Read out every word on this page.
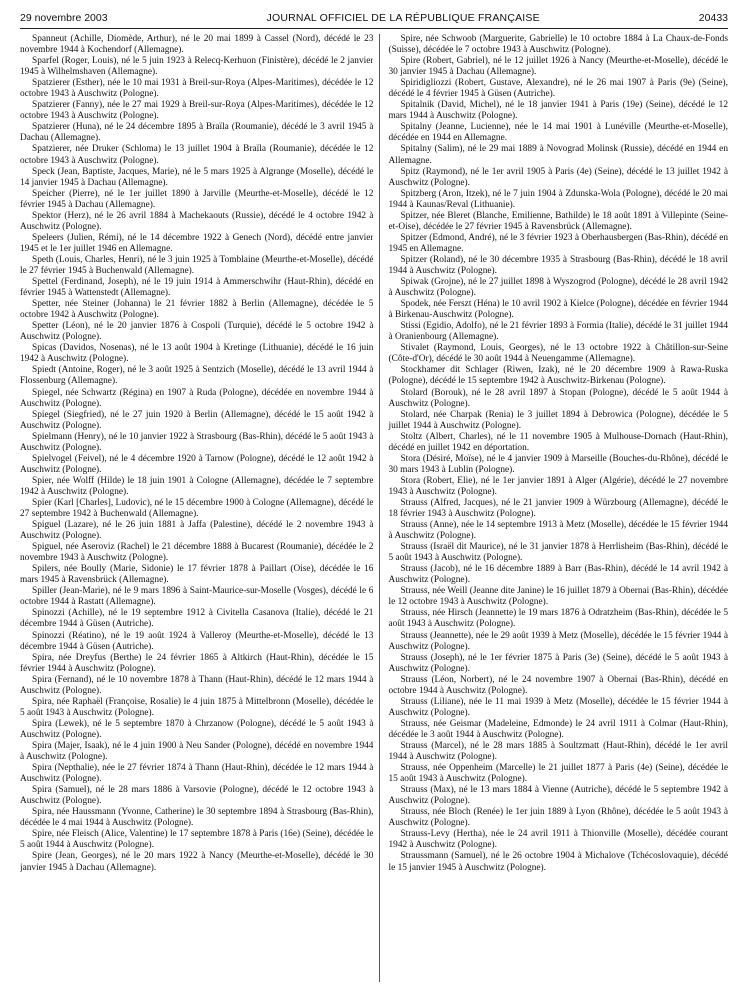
29 novembre 2003	JOURNAL OFFICIEL DE LA RÉPUBLIQUE FRANÇAISE	20433

Spanneut (Achille, Diomède, Arthur), né le 20 mai 1899 à Cassel (Nord), décédé le 23 novembre 1944 à Kochendorf (Allemagne).

Sparfel (Roger, Louis), né le 5 juin 1923 à Relecq-Kerhuon (Finistère), décédé le 2 janvier 1945 à Wilhelmshaven (Allemagne).

Spatzierer (Esther), née le 10 mai 1931 à Breil-sur-Roya (Alpes-Maritimes), décédée le 12 octobre 1943 à Auschwitz (Pologne).

Spatzierer (Fanny), née le 27 mai 1929 à Breil-sur-Roya (Alpes-Maritimes), décédée le 12 octobre 1943 à Auschwitz (Pologne).

Spatzierer (Huna), né le 24 décembre 1895 à Braïla (Roumanie), décédé le 3 avril 1945 à Dachau (Allemagne).

Spatzierer, née Druker (Schloma) le 13 juillet 1904 à Braïla (Roumanie), décédée le 12 octobre 1943 à Auschwitz (Pologne).

Speck (Jean, Baptiste, Jacques, Marie), né le 5 mars 1925 à Algrange (Moselle), décédé le 14 janvier 1945 à Dachau (Allemagne).

Speicher (Pierre), né le 1er juillet 1890 à Jarville (Meurthe-et-Moselle), décédé le 12 février 1945 à Dachau (Allemagne).

Spektor (Herz), né le 26 avril 1884 à Machekaouts (Russie), décédé le 4 octobre 1942 à Auschwitz (Pologne).

Speleers (Julien, Rémi), né le 14 décembre 1922 à Genech (Nord), décédé entre janvier 1945 et le 1er juillet 1946 en Allemagne.

Speth (Louis, Charles, Henri), né le 3 juin 1925 à Tomblaine (Meurthe-et-Moselle), décédé le 27 février 1945 à Buchenwald (Allemagne).

Spettel (Ferdinand, Joseph), né le 19 juin 1914 à Ammerschwihr (Haut-Rhin), décédé en février 1945 à Wattenstedt (Allemagne).

Spetter, née Steiner (Johanna) le 21 février 1882 à Berlin (Allemagne), décédée le 5 octobre 1942 à Auschwitz (Pologne).

Spetter (Léon), né le 20 janvier 1876 à Cospoli (Turquie), décédé le 5 octobre 1942 à Auschwitz (Pologne).

Spicas (Davidos, Nosenas), né le 13 août 1904 à Kretinge (Lithuanie), décédé le 16 juin 1942 à Auschwitz (Pologne).

Spiedt (Antoine, Roger), né le 3 août 1925 à Sentzich (Moselle), décédé le 13 avril 1944 à Flossenburg (Allemagne).

Spiegel, née Schwartz (Régina) en 1907 à Ruda (Pologne), décédée en novembre 1944 à Auschwitz (Pologne).

Spiegel (Siegfried), né le 27 juin 1920 à Berlin (Allemagne), décédé le 15 août 1942 à Auschwitz (Pologne).

Spielmann (Henry), né le 10 janvier 1922 à Strasbourg (Bas-Rhin), décédé le 5 août 1943 à Auschwitz (Pologne).

Spielvogel (Feivel), né le 4 décembre 1920 à Tarnow (Pologne), décédé le 12 août 1942 à Auschwitz (Pologne).

Spier, née Wolff (Hilde) le 18 juin 1901 à Cologne (Allemagne), décédée le 7 septembre 1942 à Auschwitz (Pologne).

Spier (Karl [Charles], Ludovic), né le 15 décembre 1900 à Cologne (Allemagne), décédé le 27 septembre 1942 à Buchenwald (Allemagne).

Spiguel (Lazare), né le 26 juin 1881 à Jaffa (Palestine), décédé le 2 novembre 1943 à Auschwitz (Pologne).

Spiguel, née Aseroviz (Rachel) le 21 décembre 1888 à Bucarest (Roumanie), décédée le 2 novembre 1943 à Auschwitz (Pologne).

Spilers, née Boully (Marie, Sidonie) le 17 février 1878 à Paillart (Oise), décédée le 16 mars 1945 à Ravensbrück (Allemagne).

Spiller (Jean-Marie), né le 9 mars 1896 à Saint-Maurice-sur-Moselle (Vosges), décédé le 6 octobre 1944 à Rastatt (Allemagne).

Spinozzi (Achille), né le 19 septembre 1912 à Civitella Casanova (Italie), décédé le 21 décembre 1944 à Güsen (Autriche).

Spinozzi (Réatino), né le 19 août 1924 à Valleroy (Meurthe-et-Moselle), décédé le 13 décembre 1944 à Güsen (Autriche).

Spira, née Dreyfus (Berthe) le 24 février 1865 à Altkirch (Haut-Rhin), décédée le 15 février 1944 à Auschwitz (Pologne).

Spira (Fernand), né le 10 novembre 1878 à Thann (Haut-Rhin), décédé le 12 mars 1944 à Auschwitz (Pologne).

Spira, née Raphaël (Françoise, Rosalie) le 4 juin 1875 à Mittelbronn (Moselle), décédée le 5 août 1943 à Auschwitz (Pologne).

Spira (Lewek), né le 5 septembre 1870 à Chrzanow (Pologne), décédé le 5 août 1943 à Auschwitz (Pologne).

Spira (Majer, Isaak), né le 4 juin 1900 à Neu Sander (Pologne), décédé en novembre 1944 à Auschwitz (Pologne).

Spira (Nepthalie), née le 27 février 1874 à Thann (Haut-Rhin), décédée le 12 mars 1944 à Auschwitz (Pologne).

Spira (Samuel), né le 28 mars 1886 à Varsovie (Pologne), décédé le 12 octobre 1943 à Auschwitz (Pologne).

Spira, née Haussmann (Yvonne, Catherine) le 30 septembre 1894 à Strasbourg (Bas-Rhin), décédée le 4 mai 1944 à Auschwitz (Pologne).

Spire, née Fleisch (Alice, Valentine) le 17 septembre 1878 à Paris (16e) (Seine), décédée le 5 août 1944 à Auschwitz (Pologne).

Spire (Jean, Georges), né le 20 mars 1922 à Nancy (Meurthe-et-Moselle), décédé le 30 janvier 1945 à Dachau (Allemagne).

Spire, née Schwoob (Marguerite, Gabrielle) le 10 octobre 1884 à La Chaux-de-Fonds (Suisse), décédée le 7 octobre 1943 à Auschwitz (Pologne).

Spire (Robert, Gabriel), né le 12 juillet 1926 à Nancy (Meurthe-et-Moselle), décédé le 30 janvier 1945 à Dachau (Allemagne).

Spiridigliozzi (Robert, Gustave, Alexandre), né le 26 mai 1907 à Paris (9e) (Seine), décédé le 4 février 1945 à Güsen (Autriche).

Spitalnik (David, Michel), né le 18 janvier 1941 à Paris (19e) (Seine), décédé le 12 mars 1944 à Auschwitz (Pologne).

Spitalny (Jeanne, Lucienne), née le 14 mai 1901 à Lunéville (Meurthe-et-Moselle), décédée en 1944 en Allemagne.

Spitalny (Salim), né le 29 mai 1889 à Novograd Molinsk (Russie), décédé en 1944 en Allemagne.

Spitz (Raymond), né le 1er avril 1905 à Paris (4e) (Seine), décédé le 13 juillet 1942 à Auschwitz (Pologne).

Spitzberg (Aron, Itzek), né le 7 juin 1904 à Zdunska-Wola (Pologne), décédé le 20 mai 1944 à Kaunas/Reval (Lithuanie).

Spitzer, née Bleret (Blanche, Emilienne, Bathilde) le 18 août 1891 à Villepinte (Seine-et-Oise), décédée le 27 février 1945 à Ravensbrück (Allemagne).

Spitzer (Edmond, André), né le 3 février 1923 à Oberhausbergen (Bas-Rhin), décédé en 1945 en Allemagne.

Spitzer (Roland), né le 30 décembre 1935 à Strasbourg (Bas-Rhin), décédé le 18 avril 1944 à Auschwitz (Pologne).

Spiwak (Grojne), né le 27 juillet 1898 à Wyszogrod (Pologne), décédé le 28 avril 1942 à Auschwitz (Pologne).

Spodek, née Ferszt (Héna) le 10 avril 1902 à Kielce (Pologne), décédée en février 1944 à Birkenau-Auschwitz (Pologne).

Stissi (Egidio, Adolfo), né le 21 février 1893 à Formia (Italie), décédé le 31 juillet 1944 à Oranienbourg (Allemagne).

Stivalet (Raymond, Louis, Georges), né le 13 octobre 1922 à Châtillon-sur-Seine (Côte-d'Or), décédé le 30 août 1944 à Neuengamme (Allemagne).

Stockhamer dit Schlager (Riwen, Izak), né le 20 décembre 1909 à Rawa-Ruska (Pologne), décédé le 15 septembre 1942 à Auschwitz-Birkenau (Pologne).

Stolard (Borouk), né le 28 avril 1897 à Stopan (Pologne), décédé le 5 août 1944 à Auschwitz (Pologne).

Stolard, née Charpak (Renia) le 3 juillet 1894 à Debrowica (Pologne), décédée le 5 juillet 1944 à Auschwitz (Pologne).

Stoltz (Albert, Charles), né le 11 novembre 1905 à Mulhouse-Dornach (Haut-Rhin), décédé en juillet 1942 en déportation.

Stora (Désiré, Moïse), né le 4 janvier 1909 à Marseille (Bouches-du-Rhône), décédé le 30 mars 1943 à Lublin (Pologne).

Stora (Robert, Elie), né le 1er janvier 1891 à Alger (Algérie), décédé le 27 novembre 1943 à Auschwitz (Pologne).

Strauss (Alfred, Jacques), né le 21 janvier 1909 à Würzbourg (Allemagne), décédé le 18 février 1943 à Auschwitz (Pologne).

Strauss (Anne), née le 14 septembre 1913 à Metz (Moselle), décédée le 15 février 1944 à Auschwitz (Pologne).

Strauss (Israël dit Maurice), né le 31 janvier 1878 à Herrlisheim (Bas-Rhin), décédé le 5 août 1943 à Auschwitz (Pologne).

Strauss (Jacob), né le 16 décembre 1889 à Barr (Bas-Rhin), décédé le 14 avril 1942 à Auschwitz (Pologne).

Strauss, née Weill (Jeanne dite Janine) le 16 juillet 1879 à Obernai (Bas-Rhin), décédée le 12 octobre 1943 à Auschwitz (Pologne).

Strauss, née Hirsch (Jeannette) le 19 mars 1876 à Odratzheim (Bas-Rhin), décédée le 5 août 1943 à Auschwitz (Pologne).

Strauss (Jeannette), née le 29 août 1939 à Metz (Moselle), décédée le 15 février 1944 à Auschwitz (Pologne).

Strauss (Joseph), né le 1er février 1875 à Paris (3e) (Seine), décédé le 5 août 1943 à Auschwitz (Pologne).

Strauss (Léon, Norbert), né le 24 novembre 1907 à Obernai (Bas-Rhin), décédé en octobre 1944 à Auschwitz (Pologne).

Strauss (Liliane), née le 11 mai 1939 à Metz (Moselle), décédée le 15 février 1944 à Auschwitz (Pologne).

Strauss, née Geismar (Madeleine, Edmonde) le 24 avril 1911 à Colmar (Haut-Rhin), décédée le 3 août 1944 à Auschwitz (Pologne).

Strauss (Marcel), né le 28 mars 1885 à Soultzmatt (Haut-Rhin), décédé le 1er avril 1944 à Auschwitz (Pologne).

Strauss, née Oppenheim (Marcelle) le 21 juillet 1877 à Paris (4e) (Seine), décédée le 15 août 1943 à Auschwitz (Pologne).

Strauss (Max), né le 13 mars 1884 à Vienne (Autriche), décédé le 5 septembre 1942 à Auschwitz (Pologne).

Strauss, née Bloch (Renée) le 1er juin 1889 à Lyon (Rhône), décédée le 5 août 1943 à Auschwitz (Pologne).

Strauss-Levy (Hertha), née le 24 avril 1911 à Thionville (Moselle), décédée courant 1942 à Auschwitz (Pologne).

Straussmann (Samuel), né le 26 octobre 1904 à Michalove (Tchécoslovaquie), décédé le 15 janvier 1945 à Auschwitz (Pologne).
